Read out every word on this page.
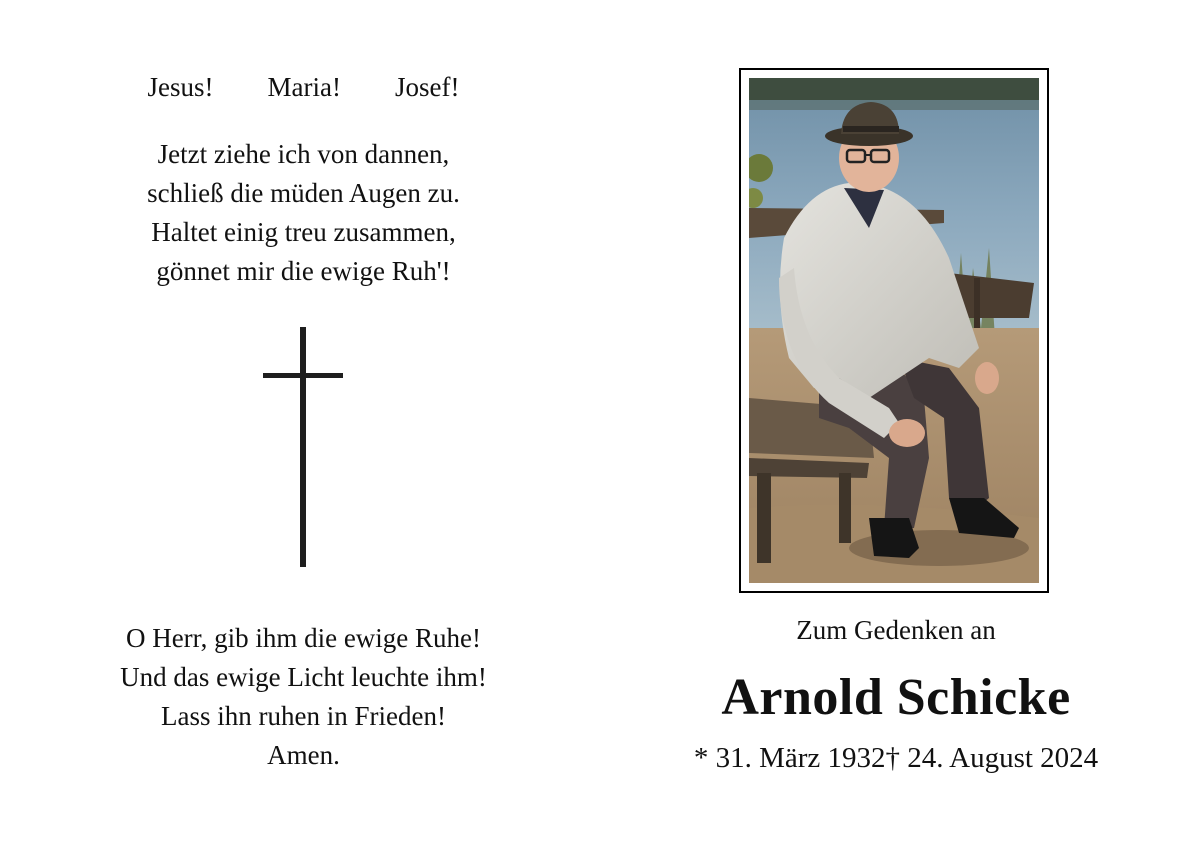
Jesus! Maria! Josef!
Jetzt ziehe ich von dannen,
schließ die müden Augen zu.
Haltet einig treu zusammen,
gönnet mir die ewige Ruh'!
O Herr, gib ihm die ewige Ruhe!
Und das ewige Licht leuchte ihm!
Lass ihn ruhen in Frieden!
Amen.
Zum Gedenken an
Arnold Schicke
* 31. März 1932† 24. August 2024
